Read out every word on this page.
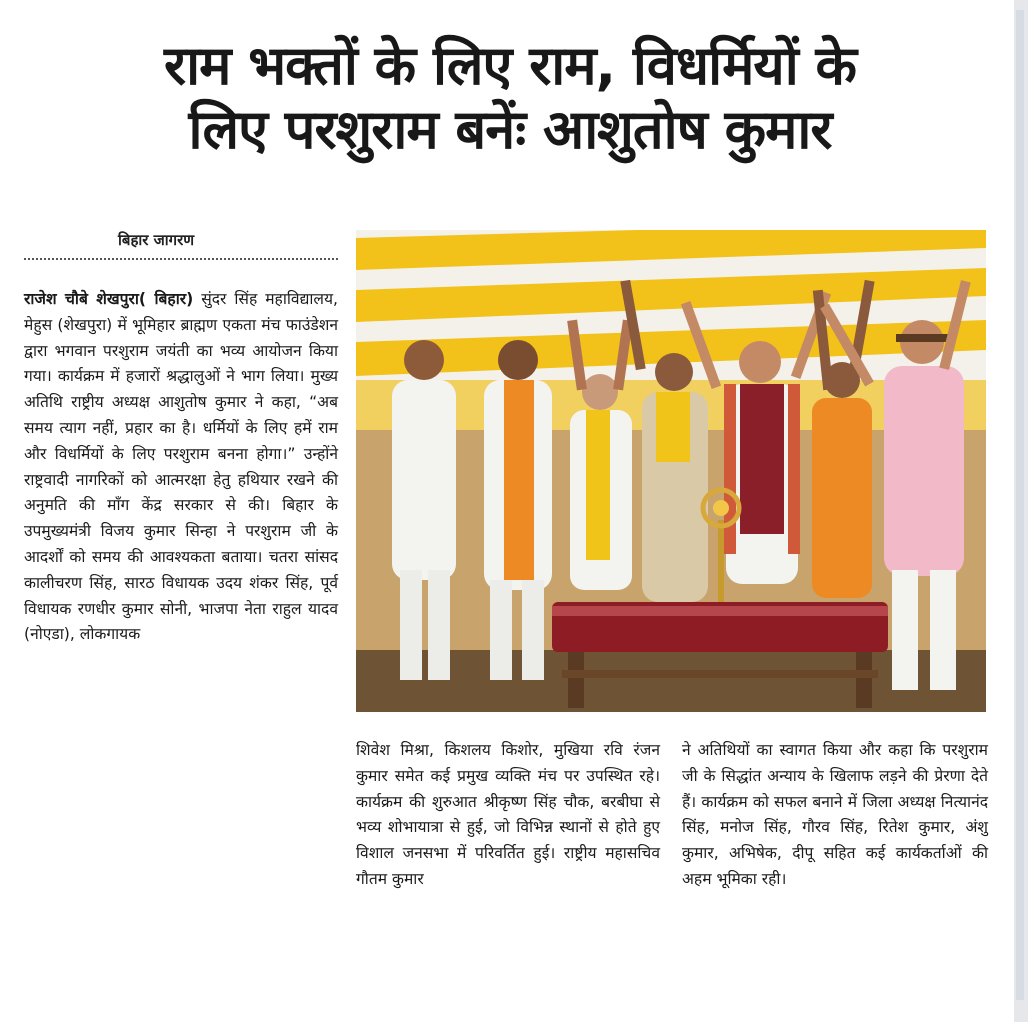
राम भक्तों के लिए राम, विधर्मियों के
लिए परशुराम बनेंः आशुतोष कुमार
बिहार जागरण
राजेश चौबे शेखपुरा( बिहार) सुंदर सिंह महाविद्यालय, मेहुस (शेखपुरा) में भूमिहार ब्राह्मण एकता मंच फाउंडेशन द्वारा भगवान परशुराम जयंती का भव्य आयोजन किया गया। कार्यक्रम में हजारों श्रद्धालुओं ने भाग लिया। मुख्य अतिथि राष्ट्रीय अध्यक्ष आशुतोष कुमार ने कहा, “अब समय त्याग नहीं, प्रहार का है। धर्मियों के लिए हमें राम और विधर्मियों के लिए परशुराम बनना होगा।” उन्होंने राष्ट्रवादी नागरिकों को आत्मरक्षा हेतु हथियार रखने की अनुमति की माँग केंद्र सरकार से की। बिहार के उपमुख्यमंत्री विजय कुमार सिन्हा ने परशुराम जी के आदर्शों को समय की आवश्यकता बताया। चतरा सांसद कालीचरण सिंह, सारठ विधायक उदय शंकर सिंह, पूर्व विधायक रणधीर कुमार सोनी, भाजपा नेता राहुल यादव (नोएडा), लोकगायक
शिवेश मिश्रा, किशलय किशोर, मुखिया रवि रंजन कुमार समेत कई प्रमुख व्यक्ति मंच पर उपस्थित रहे। कार्यक्रम की शुरुआत श्रीकृष्ण सिंह चौक, बरबीघा से भव्य शोभायात्रा से हुई, जो विभिन्न स्थानों से होते हुए विशाल जनसभा में परिवर्तित हुई। राष्ट्रीय महासचिव गौतम कुमार
ने अतिथियों का स्वागत किया और कहा कि परशुराम जी के सिद्धांत अन्याय के खिलाफ लड़ने की प्रेरणा देते हैं। कार्यक्रम को सफल बनाने में जिला अध्यक्ष नित्यानंद सिंह, मनोज सिंह, गौरव सिंह, रितेश कुमार, अंशु कुमार, अभिषेक, दीपू सहित कई कार्यकर्ताओं की अहम भूमिका रही।
